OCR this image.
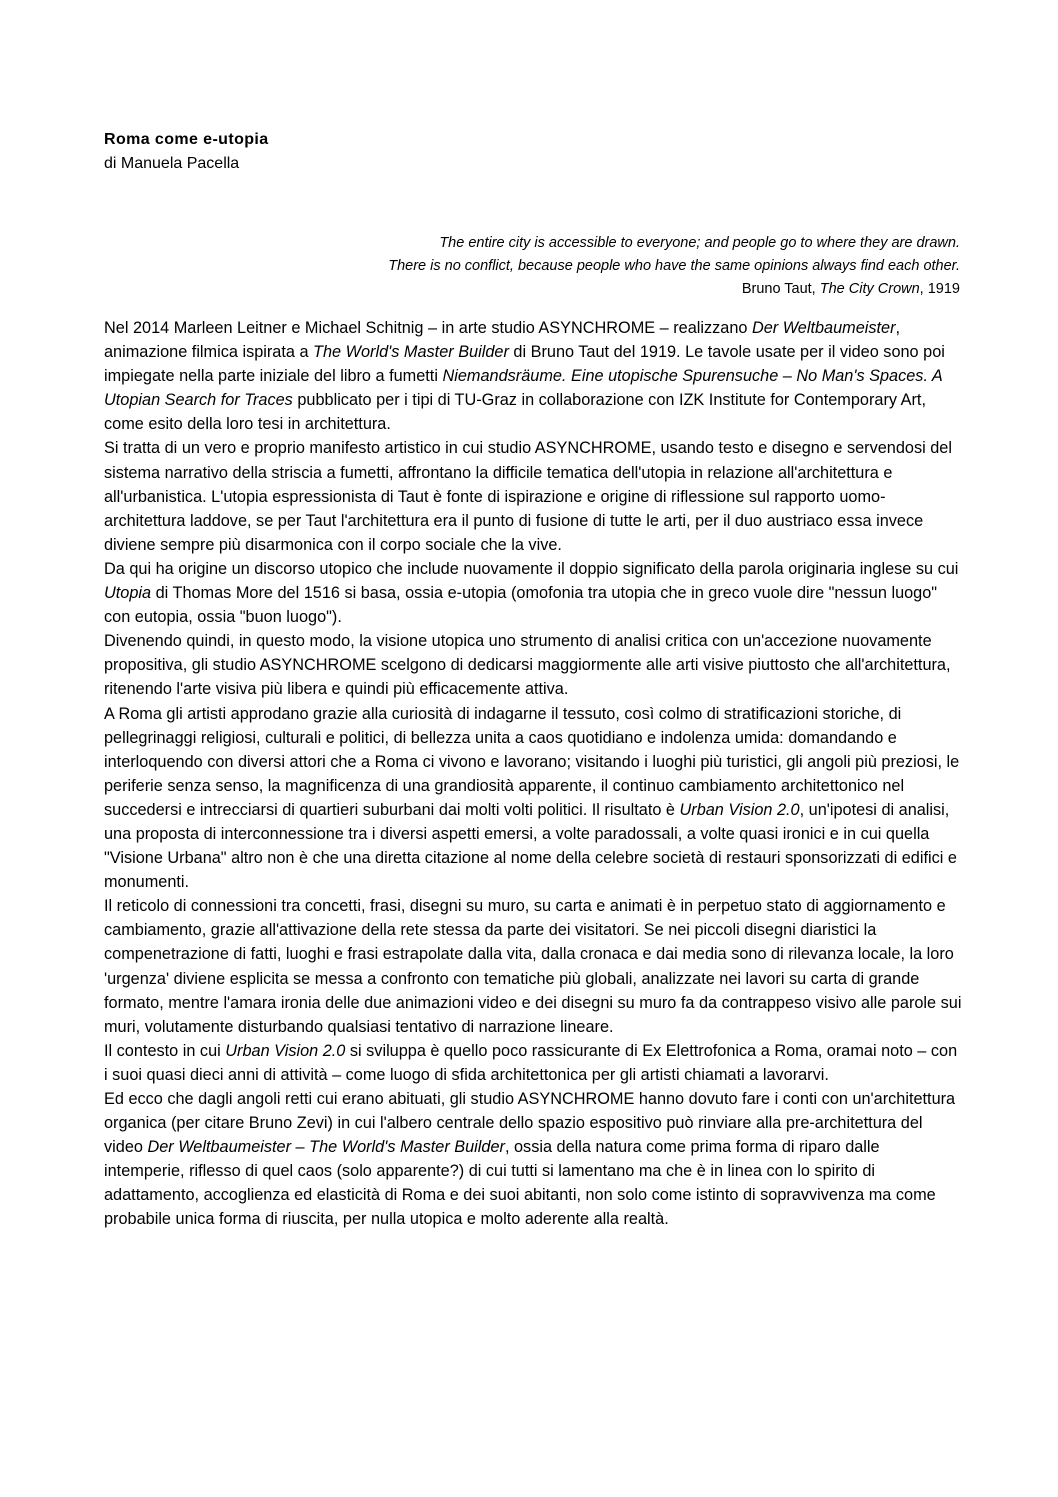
Roma come e-utopia
di Manuela Pacella
The entire city is accessible to everyone; and people go to where they are drawn.
There is no conflict, because people who have the same opinions always find each other.
Bruno Taut, The City Crown, 1919

Nel 2014 Marleen Leitner e Michael Schitnig – in arte studio ASYNCHROME – realizzano Der Weltbaumeister, animazione filmica ispirata a The World's Master Builder di Bruno Taut del 1919. Le tavole usate per il video sono poi impiegate nella parte iniziale del libro a fumetti Niemandsräume. Eine utopische Spurensuche – No Man's Spaces. A Utopian Search for Traces pubblicato per i tipi di TU-Graz in collaborazione con IZK Institute for Contemporary Art, come esito della loro tesi in architettura.

Si tratta di un vero e proprio manifesto artistico in cui studio ASYNCHROME, usando testo e disegno e servendosi del sistema narrativo della striscia a fumetti, affrontano la difficile tematica dell'utopia in relazione all'architettura e all'urbanistica. L'utopia espressionista di Taut è fonte di ispirazione e origine di riflessione sul rapporto uomo-architettura laddove, se per Taut l'architettura era il punto di fusione di tutte le arti, per il duo austriaco essa invece diviene sempre più disarmonica con il corpo sociale che la vive.

Da qui ha origine un discorso utopico che include nuovamente il doppio significato della parola originaria inglese su cui Utopia di Thomas More del 1516 si basa, ossia e-utopia (omofonia tra utopia che in greco vuole dire "nessun luogo" con eutopia, ossia "buon luogo").

Divenendo quindi, in questo modo, la visione utopica uno strumento di analisi critica con un'accezione nuovamente propositiva, gli studio ASYNCHROME scelgono di dedicarsi maggiormente alle arti visive piuttosto che all'architettura, ritenendo l'arte visiva più libera e quindi più efficacemente attiva.

A Roma gli artisti approdano grazie alla curiosità di indagarne il tessuto, così colmo di stratificazioni storiche, di pellegrinaggi religiosi, culturali e politici, di bellezza unita a caos quotidiano e indolenza umida: domandando e interloquendo con diversi attori che a Roma ci vivono e lavorano; visitando i luoghi più turistici, gli angoli più preziosi, le periferie senza senso, la magnificenza di una grandiosità apparente, il continuo cambiamento architettonico nel succedersi e intrecciarsi di quartieri suburbani dai molti volti politici. Il risultato è Urban Vision 2.0, un'ipotesi di analisi, una proposta di interconnessione tra i diversi aspetti emersi, a volte paradossali, a volte quasi ironici e in cui quella "Visione Urbana" altro non è che una diretta citazione al nome della celebre società di restauri sponsorizzati di edifici e monumenti.

Il reticolo di connessioni tra concetti, frasi, disegni su muro, su carta e animati è in perpetuo stato di aggiornamento e cambiamento, grazie all'attivazione della rete stessa da parte dei visitatori. Se nei piccoli disegni diaristici la compenetrazione di fatti, luoghi e frasi estrapolate dalla vita, dalla cronaca e dai media sono di rilevanza locale, la loro 'urgenza' diviene esplicita se messa a confronto con tematiche più globali, analizzate nei lavori su carta di grande formato, mentre l'amara ironia delle due animazioni video e dei disegni su muro fa da contrappeso visivo alle parole sui muri, volutamente disturbando qualsiasi tentativo di narrazione lineare.

Il contesto in cui Urban Vision 2.0 si sviluppa è quello poco rassicurante di Ex Elettrofonica a Roma, oramai noto – con i suoi quasi dieci anni di attività – come luogo di sfida architettonica per gli artisti chiamati a lavorarvi.

Ed ecco che dagli angoli retti cui erano abituati, gli studio ASYNCHROME hanno dovuto fare i conti con un'architettura organica (per citare Bruno Zevi) in cui l'albero centrale dello spazio espositivo può rinviare alla pre-architettura del video Der Weltbaumeister – The World's Master Builder, ossia della natura come prima forma di riparo dalle intemperie, riflesso di quel caos (solo apparente?) di cui tutti si lamentano ma che è in linea con lo spirito di adattamento, accoglienza ed elasticità di Roma e dei suoi abitanti, non solo come istinto di sopravvivenza ma come probabile unica forma di riuscita, per nulla utopica e molto aderente alla realtà.
